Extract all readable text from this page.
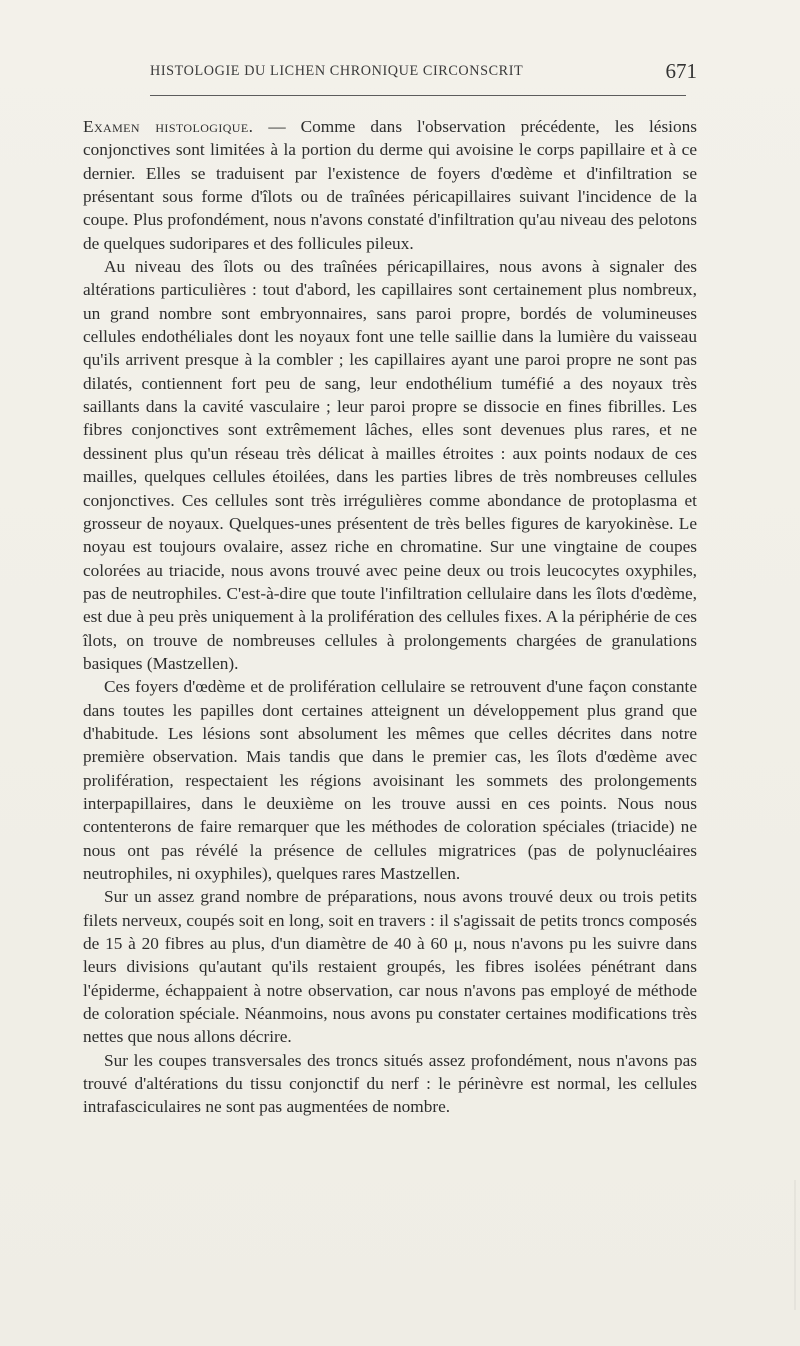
HISTOLOGIE DU LICHEN CHRONIQUE CIRCONSCRIT	671

Examen histologique. — Comme dans l'observation précédente, les lésions conjonctives sont limitées à la portion du derme qui avoisine le corps papillaire et à ce dernier. Elles se traduisent par l'existence de foyers d'œdème et d'infiltration se présentant sous forme d'îlots ou de traînées péricapillaires suivant l'incidence de la coupe. Plus profondément, nous n'avons constaté d'infiltration qu'au niveau des pelotons de quelques sudoripares et des follicules pileux.

Au niveau des îlots ou des traînées péricapillaires, nous avons à signaler des altérations particulières : tout d'abord, les capillaires sont certainement plus nombreux, un grand nombre sont embryonnaires, sans paroi propre, bordés de volumineuses cellules endothéliales dont les noyaux font une telle saillie dans la lumière du vaisseau qu'ils arrivent presque à la combler ; les capillaires ayant une paroi propre ne sont pas dilatés, contiennent fort peu de sang, leur endothélium tuméfié a des noyaux très saillants dans la cavité vasculaire ; leur paroi propre se dissocie en fines fibrilles. Les fibres conjonctives sont extrêmement lâches, elles sont devenues plus rares, et ne dessinent plus qu'un réseau très délicat à mailles étroites : aux points nodaux de ces mailles, quelques cellules étoilées, dans les parties libres de très nombreuses cellules conjonctives. Ces cellules sont très irrégulières comme abondance de protoplasma et grosseur de noyaux. Quelques-unes présentent de très belles figures de karyokinèse. Le noyau est toujours ovalaire, assez riche en chromatine. Sur une vingtaine de coupes colorées au triacide, nous avons trouvé avec peine deux ou trois leucocytes oxyphiles, pas de neutrophiles. C'est-à-dire que toute l'infiltration cellulaire dans les îlots d'œdème, est due à peu près uniquement à la prolifération des cellules fixes. A la périphérie de ces îlots, on trouve de nombreuses cellules à prolongements chargées de granulations basiques (Mastzellen).

Ces foyers d'œdème et de prolifération cellulaire se retrouvent d'une façon constante dans toutes les papilles dont certaines atteignent un développement plus grand que d'habitude. Les lésions sont absolument les mêmes que celles décrites dans notre première observation. Mais tandis que dans le premier cas, les îlots d'œdème avec prolifération, respectaient les régions avoisinant les sommets des prolongements interpapillaires, dans le deuxième on les trouve aussi en ces points. Nous nous contenterons de faire remarquer que les méthodes de coloration spéciales (triacide) ne nous ont pas révélé la présence de cellules migratrices (pas de polynucléaires neutrophiles, ni oxyphiles), quelques rares Mastzellen.

Sur un assez grand nombre de préparations, nous avons trouvé deux ou trois petits filets nerveux, coupés soit en long, soit en travers : il s'agissait de petits troncs composés de 15 à 20 fibres au plus, d'un diamètre de 40 à 60 μ, nous n'avons pu les suivre dans leurs divisions qu'autant qu'ils restaient groupés, les fibres isolées pénétrant dans l'épiderme, échappaient à notre observation, car nous n'avons pas employé de méthode de coloration spéciale. Néanmoins, nous avons pu constater certaines modifications très nettes que nous allons décrire.

Sur les coupes transversales des troncs situés assez profondément, nous n'avons pas trouvé d'altérations du tissu conjonctif du nerf : le périnèvre est normal, les cellules intrafasciculaires ne sont pas augmentées de nombre.
